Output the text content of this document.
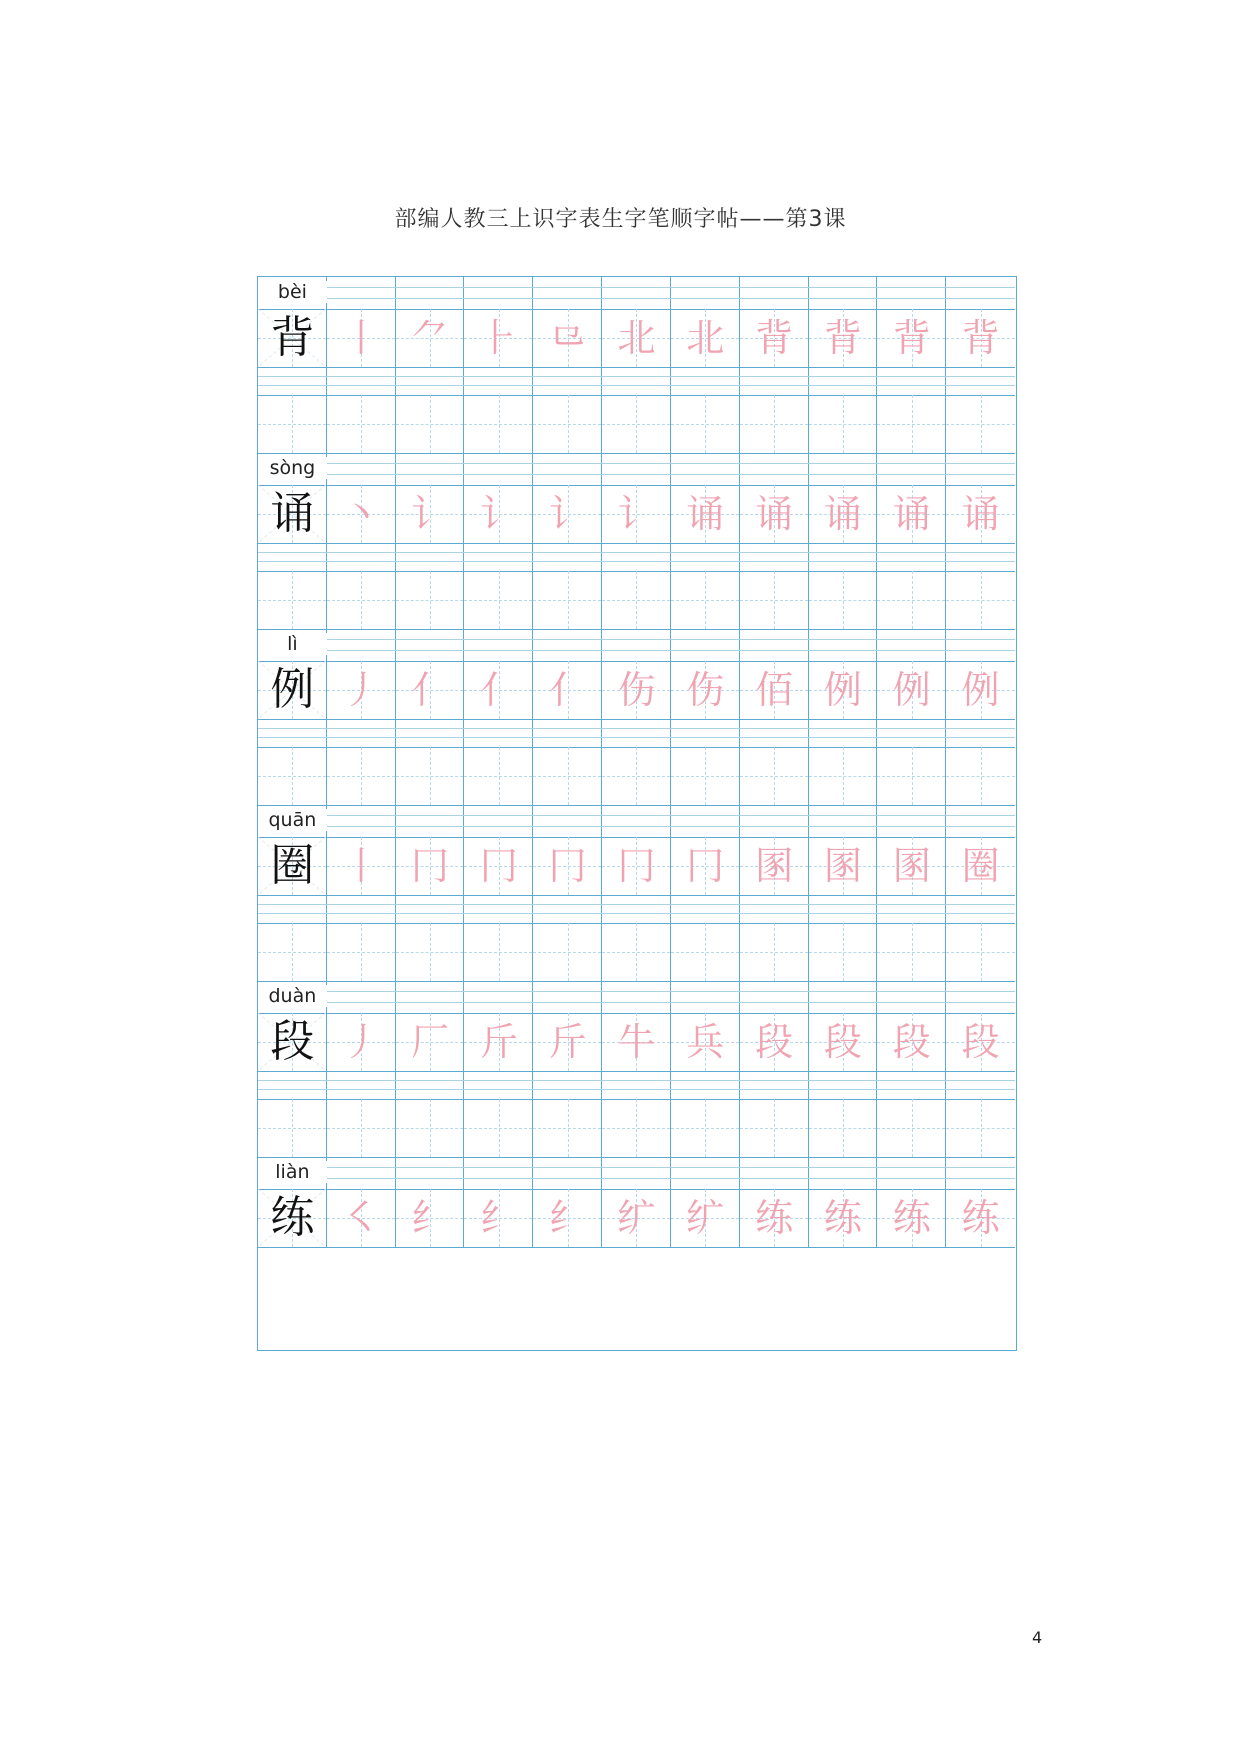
部编人教三上识字表生字笔顺字帖——第3课
bèi
背 丨 ⺈ ⺊ ⺋ 北 北 背 背 背 背
sòng
诵 丶 讠 讠 讠 讠 诵 诵 诵 诵 诵
lì
例 丿 亻 亻 亻 伤 伤 佰 例 例 例
quān
圈 丨 冂 冂 冂 冂 冂 圂 圂 圂 圈
duàn
段 丿 厂 斤 斤 牛 兵 段 段 段 段
liàn
练 ㇛ 纟 纟 纟 纩 纩 练 练 练 练
4
